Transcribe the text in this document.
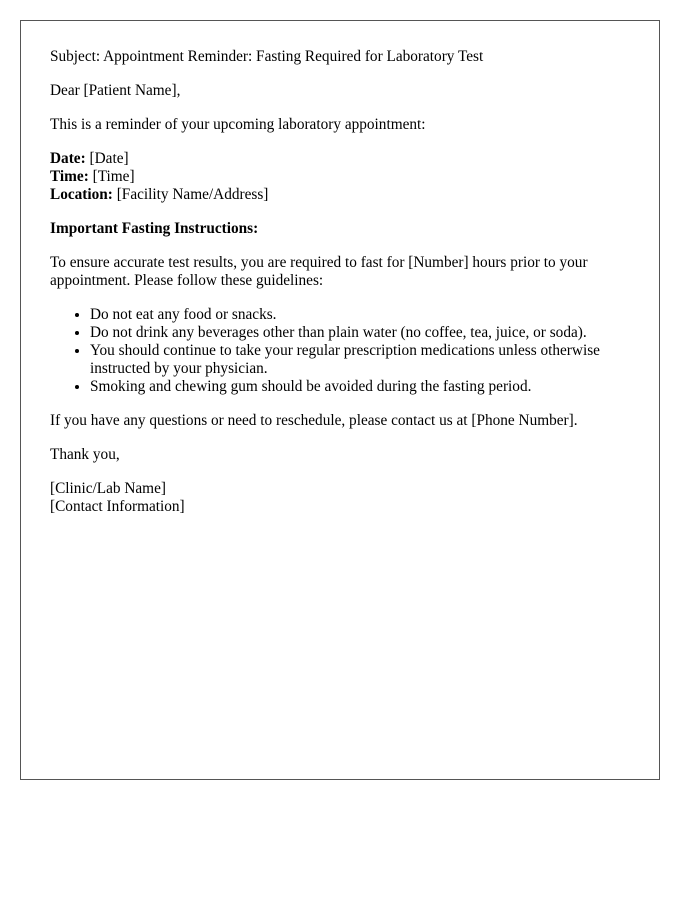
Subject: Appointment Reminder: Fasting Required for Laboratory Test

Dear [Patient Name],

This is a reminder of your upcoming laboratory appointment:

Date: [Date]

Time: [Time]

Location: [Facility Name/Address]

Important Fasting Instructions:

To ensure accurate test results, you are required to fast for [Number] hours prior to your appointment. Please follow these guidelines:

• Do not eat any food or snacks.
• Do not drink any beverages other than plain water (no coffee, tea, juice, or soda).
• You should continue to take your regular prescription medications unless otherwise instructed by your physician.
• Smoking and chewing gum should be avoided during the fasting period.

If you have any questions or need to reschedule, please contact us at [Phone Number].

Thank you,

[Clinic/Lab Name]

[Contact Information]
